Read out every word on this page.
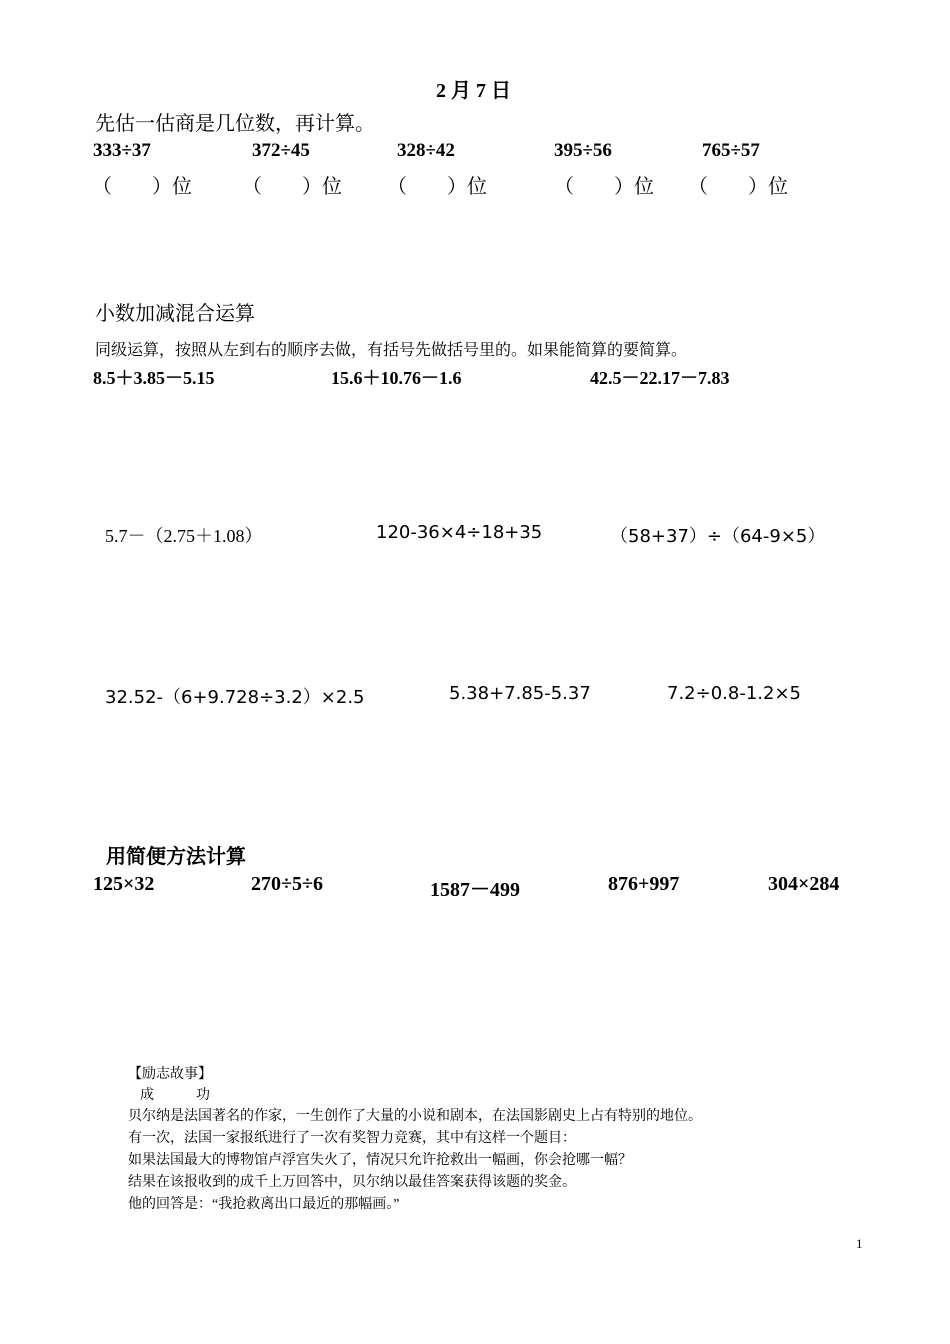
2 月 7 日
先估一估商是几位数，再计算。
333÷37	372÷45	328÷42	395÷56	765÷57
（　　）位	（　　）位 （　　）位	（　　）位 （　　）位
小数加减混合运算
同级运算，按照从左到右的顺序去做，有括号先做括号里的。如果能简算的要简算。
8.5＋3.85－5.15	15.6＋10.76－1.6	42.5－22.17－7.83
5.7－（2.75＋1.08）	120-36×4÷18+35	（58+37）÷（64-9×5）
32.52-（6+9.728÷3.2）×2.5	5.38+7.85-5.37	7.2÷0.8-1.2×5
用简便方法计算
125×32	270÷5÷6	1587－499	876+997	304×284
【励志故事】
成　　　功
贝尔纳是法国著名的作家，一生创作了大量的小说和剧本，在法国影剧史上占有特别的地位。
有一次，法国一家报纸进行了一次有奖智力竞赛，其中有这样一个题目：
如果法国最大的博物馆卢浮宫失火了，情况只允许抢救出一幅画，你会抢哪一幅？
结果在该报收到的成千上万回答中，贝尔纳以最佳答案获得该题的奖金。
他的回答是：“我抢救离出口最近的那幅画。”
1
